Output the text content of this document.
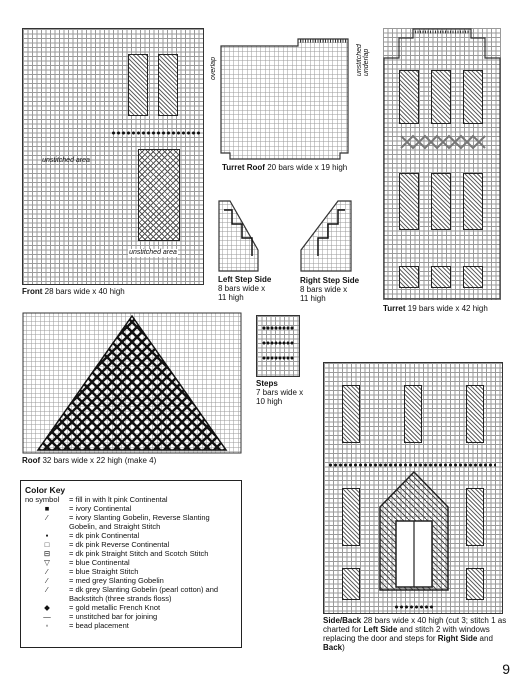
unstitched area
unstitched area
Front 28 bars wide x 40 high
overlap
Turret Roof 20 bars wide x 19 high
Left Step Side
8 bars wide x
11 high
Right Step Side
8 bars wide x
11 high
unstitched underlap
Turret 19 bars wide x 42 high
Roof 32 bars wide x 22 high (make 4)
Steps
7 bars wide x
10 high
Color Key
no symbol	= fill in with lt pink Continental
■	= ivory Continental
⁄	= ivory Slanting Gobelin, Reverse Slanting Gobelin, and Straight Stitch
▪	= dk pink Continental
□	= dk pink Reverse Continental
⊟	= dk pink Straight Stitch and Scotch Stitch
▽	= blue Continental
⁄	= blue Straight Stitch
⁄	= med grey Slanting Gobelin
⁄	= dk grey Slanting Gobelin (pearl cotton) and Backstitch (three strands floss)
◆	= gold metallic French Knot
—	= unstitched bar for joining
◦	= bead placement
Side/Back 28 bars wide x 40 high (cut 3; stitch 1 as charted for Left Side and stitch 2 with windows replacing the door and steps for Right Side and Back)
9
